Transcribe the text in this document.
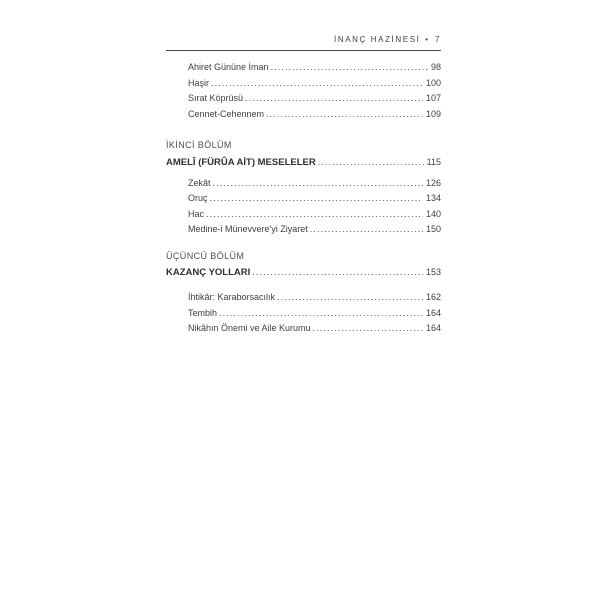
İNANÇ HAZİNESİ • 7
Ahiret Gününe İman .....	98
Haşir .....	100
Sırat Köprüsü .....	107
Cennet-Cehennem .....	109
İKİNCİ BÖLÜM
AMELÎ (FÜRÛA AİT) MESELELER .....	115
Zekât .....	126
Oruç .....	134
Hac .....	140
Medine-i Münevvere'yi Ziyaret .....	150
ÜÇÜNCÜ BÖLÜM
KAZANÇ YOLLARI .....	153
İhtikâr: Karaborsacılık .....	162
Tembih .....	164
Nikâhın Önemi ve Aile Kurumu .....	164
